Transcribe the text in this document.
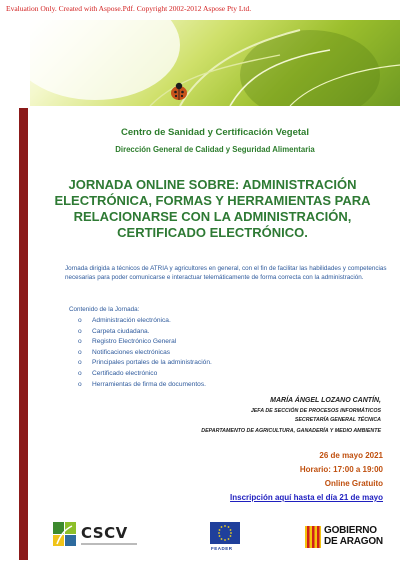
Evaluation Only. Created with Aspose.Pdf. Copyright 2002-2012 Aspose Pty Ltd.
Centro de Sanidad y Certificación Vegetal
Dirección General de Calidad y Seguridad Alimentaria
JORNADA ONLINE SOBRE: ADMINISTRACIÓN ELECTRÓNICA, FORMAS Y HERRAMIENTAS PARA RELACIONARSE CON LA ADMINISTRACIÓN, CERTIFICADO ELECTRÓNICO.

Jornada dirigida a técnicos de ATRIA y agricultores en general, con el fin de facilitar las habilidades y competencias necesarias para poder comunicarse e interactuar telemáticamente de forma correcta con la administración.

Contenido de la Jornada:
o Administración electrónica.
o Carpeta ciudadana.
o Registro Electrónico General
o Notificaciones electrónicas
o Principales portales de la administración.
o Certificado electrónico
o Herramientas de firma de documentos.
MARÍA ÁNGEL LOZANO CANTÍN,
JEFA DE SECCIÓN DE PROCESOS INFORMÁTICOS
SECRETARÍA GENERAL TÉCNICA
DEPARTAMENTO DE AGRICULTURA, GANADERÍA Y MEDIO AMBIENTE
26 de mayo 2021
Horario: 17:00 a 19:00
Online Gratuito
Inscripción aquí hasta el día 21 de mayo
CSCV
FEADER
GOBIERNO
DE ARAGON
